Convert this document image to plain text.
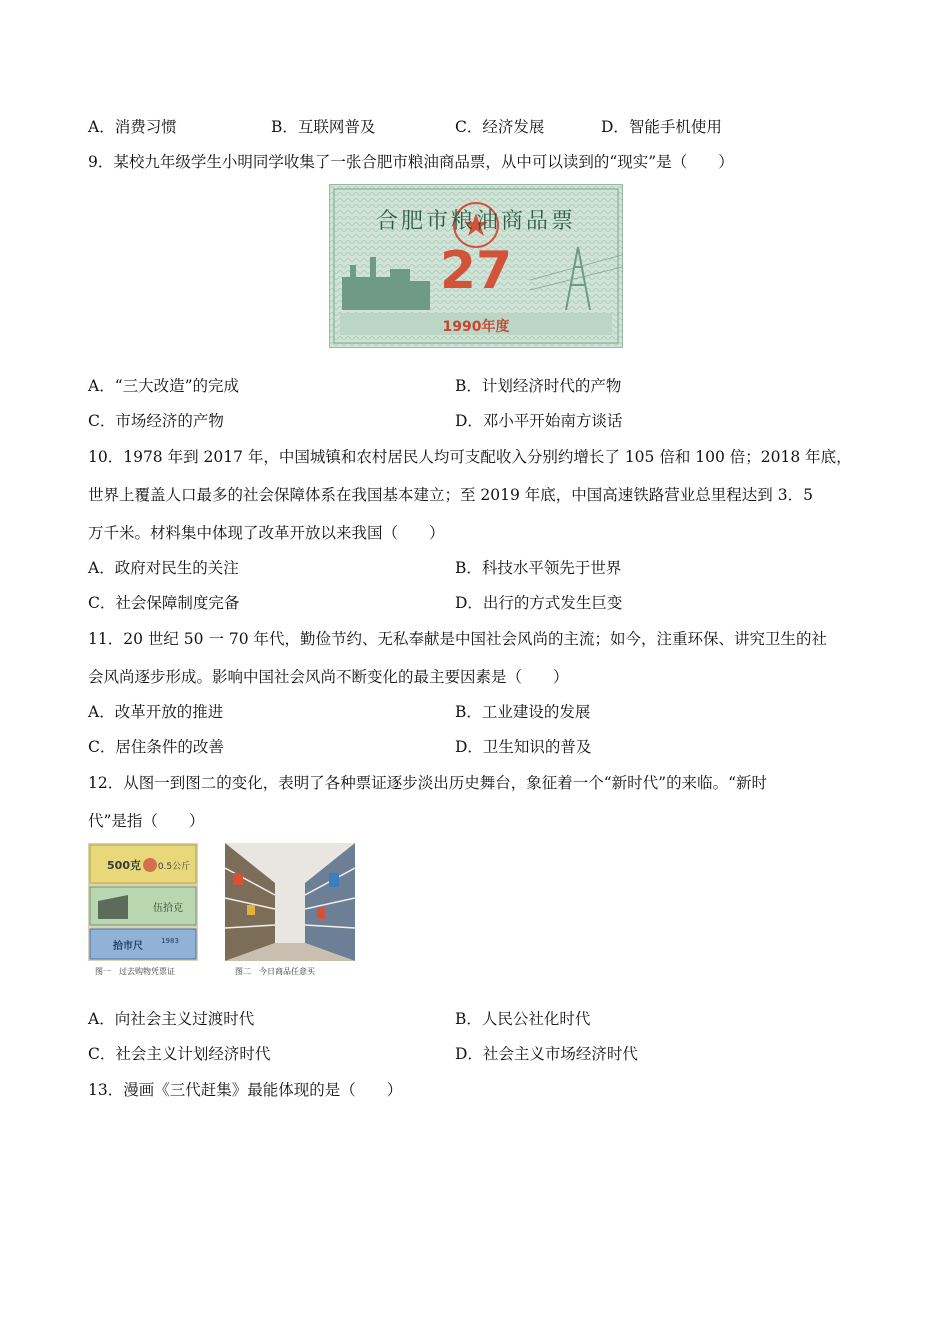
A．消费习惯	B．互联网普及	C．经济发展	D．智能手机使用
9．某校九年级学生小明同学收集了一张合肥市粮油商品票，从中可以读到的“现实”是（　　）
合肥市粮油商品票
27
1990年度
A．“三大改造”的完成	B．计划经济时代的产物
C．市场经济的产物	D．邓小平开始南方谈话
10．1978 年到 2017 年，中国城镇和农村居民人均可支配收入分别约增长了 105 倍和 100 倍；2018 年底，
世界上覆盖人口最多的社会保障体系在我国基本建立；至 2019 年底，中国高速铁路营业总里程达到 3．5
万千米。材料集中体现了改革开放以来我国（　　）
A．政府对民生的关注	B．科技水平领先于世界
C．社会保障制度完备	D．出行的方式发生巨变
11．20 世纪 50 一 70 年代，勤俭节约、无私奉献是中国社会风尚的主流；如今，注重环保、讲究卫生的社
会风尚逐步形成。影响中国社会风尚不断变化的最主要因素是（　　）
A．改革开放的推进	B．工业建设的发展
C．居住条件的改善	D．卫生知识的普及
12．从图一到图二的变化，表明了各种票证逐步淡出历史舞台，象征着一个“新时代”的来临。“新时
代”是指（　　）
500克 0.5公斤
伍拾克
拾市尺	1983
图一　过去购物凭票证	图二　今日商品任意买
A．向社会主义过渡时代	B．人民公社化时代
C．社会主义计划经济时代	D．社会主义市场经济时代
13．漫画《三代赶集》最能体现的是（　　）
